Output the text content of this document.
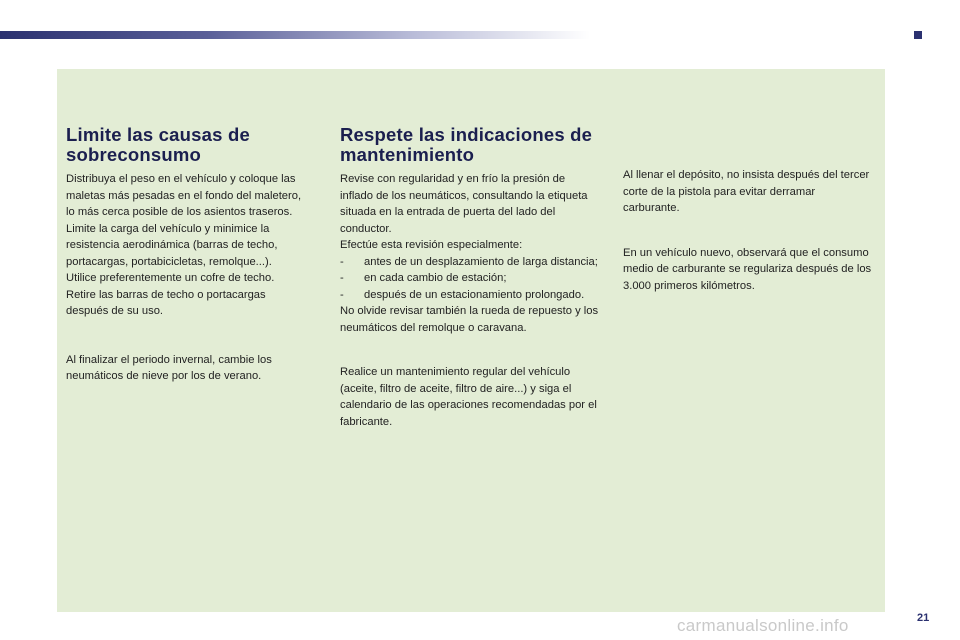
Limite las causas de sobreconsumo

Distribuya el peso en el vehículo y coloque las maletas más pesadas en el fondo del maletero, lo más cerca posible de los asientos traseros.

Limite la carga del vehículo y minimice la resistencia aerodinámica (barras de techo, portacargas, portabicicletas, remolque...). Utilice preferentemente un cofre de techo.

Retire las barras de techo o portacargas después de su uso.

Al finalizar el periodo invernal, cambie los neumáticos de nieve por los de verano.

Respete las indicaciones de mantenimiento

Revise con regularidad y en frío la presión de inflado de los neumáticos, consultando la etiqueta situada en la entrada de puerta del lado del conductor.

Efectúe esta revisión especialmente:

- antes de un desplazamiento de larga distancia;
- en cada cambio de estación;
- después de un estacionamiento prolongado.

No olvide revisar también la rueda de repuesto y los neumáticos del remolque o caravana.

Realice un mantenimiento regular del vehículo (aceite, filtro de aceite, filtro de aire...) y siga el calendario de las operaciones recomendadas por el fabricante.

Al llenar el depósito, no insista después del tercer corte de la pistola para evitar derramar carburante.

En un vehículo nuevo, observará que el consumo medio de carburante se regulariza después de los 3.000 primeros kilómetros.

carmanualsonline.info	21
